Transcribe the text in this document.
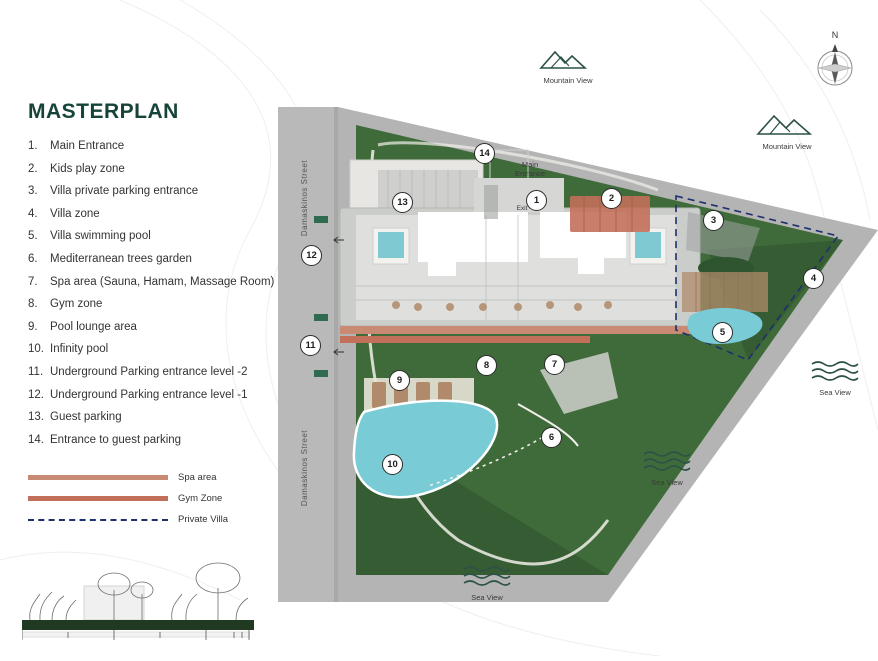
MASTERPLAN
1.	Main Entrance
2.	Kids play zone
3.	Villa private parking entrance
4.	Villa zone
5.	Villa swimming pool
6.	Mediterranean trees garden
7.	Spa area (Sauna, Hamam, Massage Room)
8.	Gym zone
9.	Pool lounge area
10. Infinity pool
11. Underground Parking entrance level -2
12. Underground Parking entrance level -1
13. Guest parking
14. Entrance to guest parking
Spa area
Gym Zone
Private Villa
Damaskinos Street
Damaskinos Street
Main
Entrance
Exit
1	2
3
4
5
6
7
8
9
10
11
12
13
14
N
Mountain View
Mountain View
Sea View
Sea View
Sea View
